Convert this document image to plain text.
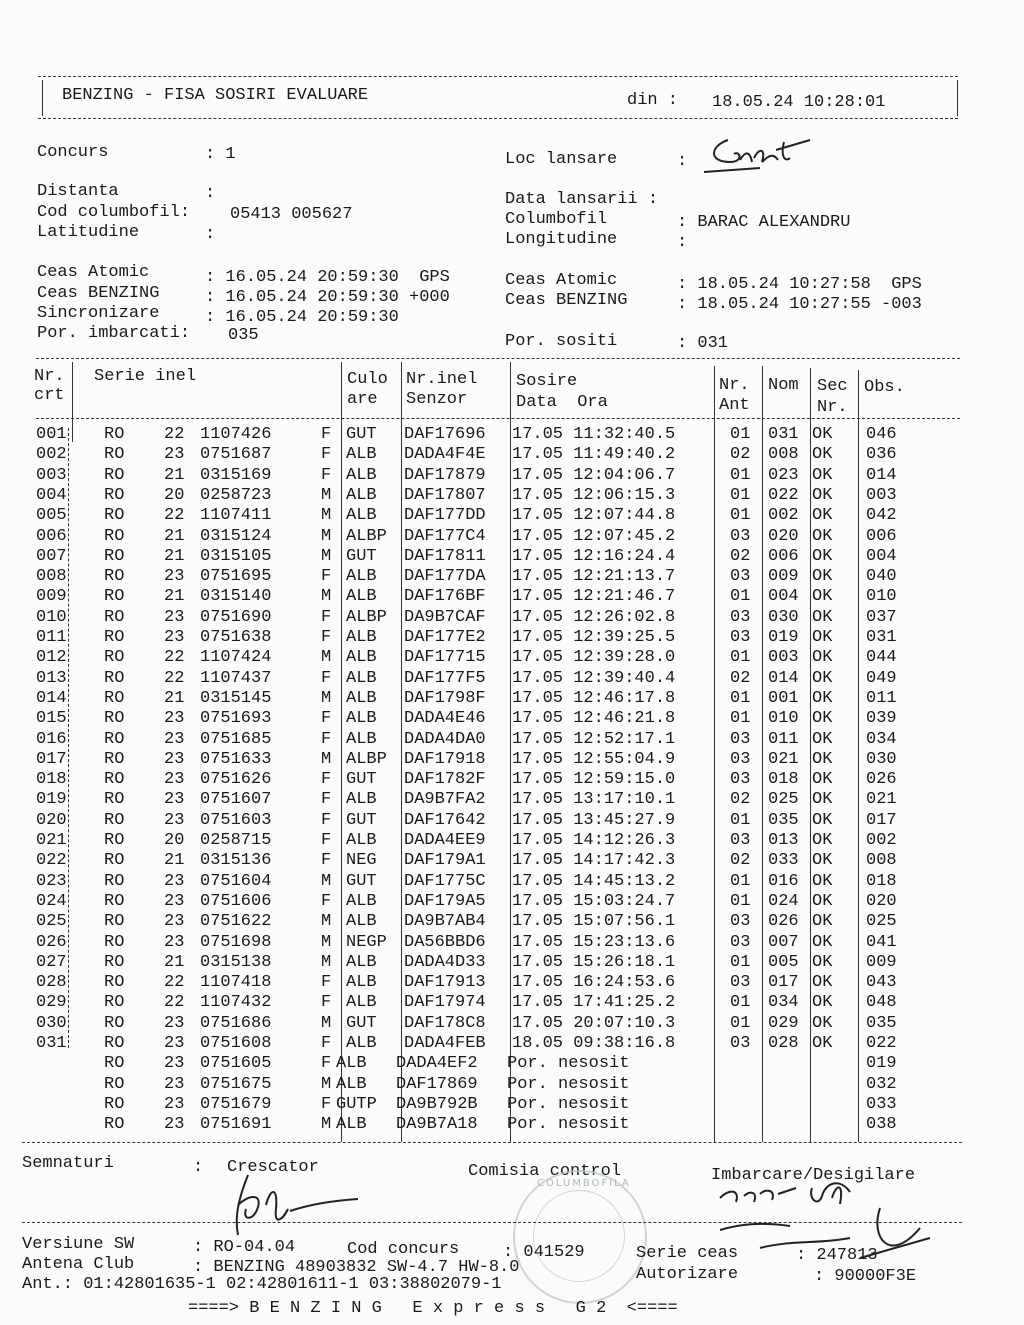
BENZING - FISA SOSIRI EVALUARE	din : 18.05.24 10:28:01
Concurs	: 1	Loc lansare	:
Distanta	:
Cod columbofil: 05413 005627
Latitudine	:
Data lansarii :
Columbofil	: BARAC ALEXANDRU
Longitudine	:
Ceas Atomic	: 16.05.24 20:59:30  GPS
Ceas BENZING	: 16.05.24 20:59:30 +000
Sincronizare	: 16.05.24 20:59:30
Por. imbarcati: 035
Ceas Atomic	: 18.05.24 10:27:58  GPS
Ceas BENZING	: 18.05.24 10:27:55 -003
Por. sositi	: 031
Nr.
crt
Serie inel	Culo
are
Nr.inel
Senzor
Sosire
Data  Ora
Nr.
Ant
Nom Sec
Nr.
Obs.
001 RO 22 1107426	F GUT DAF17696 17.05 11:32:40.5	01 031 OK 046
002 RO 23 0751687	F ALB DADA4F4E 17.05 11:49:40.2	02 008 OK 036
003 RO 21 0315169	F ALB DAF17879 17.05 12:04:06.7	01 023 OK 014
004 RO 20 0258723	M ALB DAF17807 17.05 12:06:15.3	01 022 OK 003
005 RO 22 1107411	M ALB DAF177DD 17.05 12:07:44.8	01 002 OK 042
006 RO 21 0315124	M ALBP DAF177C4 17.05 12:07:45.2	03 020 OK 006
007 RO 21 0315105	M GUT DAF17811 17.05 12:16:24.4	02 006 OK 004
008 RO 23 0751695	F ALB DAF177DA 17.05 12:21:13.7	03 009 OK 040
009 RO 21 0315140	M ALB DAF176BF 17.05 12:21:46.7	01 004 OK 010
010 RO 23 0751690	F ALBP DA9B7CAF 17.05 12:26:02.8	03 030 OK 037
011 RO 23 0751638	F ALB DAF177E2 17.05 12:39:25.5	03 019 OK 031
012 RO 22 1107424	M ALB DAF17715 17.05 12:39:28.0	01 003 OK 044
013 RO 22 1107437	F ALB DAF177F5 17.05 12:39:40.4	02 014 OK 049
014 RO 21 0315145	M ALB DAF1798F 17.05 12:46:17.8	01 001 OK 011
015 RO 23 0751693	F ALB DADA4E46 17.05 12:46:21.8	01 010 OK 039
016 RO 23 0751685	F ALB DADA4DA0 17.05 12:52:17.1	03 011 OK 034
017 RO 23 0751633	M ALBP DAF17918 17.05 12:55:04.9	03 021 OK 030
018 RO 23 0751626	F GUT DAF1782F 17.05 12:59:15.0	03 018 OK 026
019 RO 23 0751607	F ALB DA9B7FA2 17.05 13:17:10.1	02 025 OK 021
020 RO 23 0751603	F GUT DAF17642 17.05 13:45:27.9	01 035 OK 017
021 RO 20 0258715	F ALB DADA4EE9 17.05 14:12:26.3	03 013 OK 002
022 RO 21 0315136	F NEG DAF179A1 17.05 14:17:42.3	02 033 OK 008
023 RO 23 0751604	M GUT DAF1775C 17.05 14:45:13.2	01 016 OK 018
024 RO 23 0751606	F ALB DAF179A5 17.05 15:03:24.7	01 024 OK 020
025 RO 23 0751622	M ALB DA9B7AB4 17.05 15:07:56.1	03 026 OK 025
026 RO 23 0751698	M NEGP DA56BBD6 17.05 15:23:13.6	03 007 OK 041
027 RO 21 0315138	M ALB DADA4D33 17.05 15:26:18.1	01 005 OK 009
028 RO 22 1107418	F ALB DAF17913 17.05 16:24:53.6	03 017 OK 043
029 RO 22 1107432	F ALB DAF17974 17.05 17:41:25.2	01 034 OK 048
030 RO 23 0751686	M GUT DAF178C8 17.05 20:07:10.3	01 029 OK 035
031 RO 23 0751608	F ALB DADA4FEB 18.05 09:38:16.8	03 028 OK 022
RO 23 0751605	F ALB DADA4EF2 Por. nesosit	019
RO 23 0751675	M ALB DAF17869 Por. nesosit	032
RO 23 0751679	F GUTP DA9B792B Por. nesosit	033
RO 23 0751691	M ALB DA9B7A18 Por. nesosit	038
Semnaturi	: Crescator	Comisia control	Imbarcare/Desigilare
COLUMBOFILA
Versiune SW	: RO-04.04	Cod concurs	: 041529	Serie ceas	: 247813
Antena Club	: BENZING 48903832 SW-4.7 HW-8.0	Autorizare	: 90000F3E
Ant.: 01:42801635-1 02:42801611-1 03:38802079-1
====> B E N Z I N G   E x p r e s s   G 2  <====
